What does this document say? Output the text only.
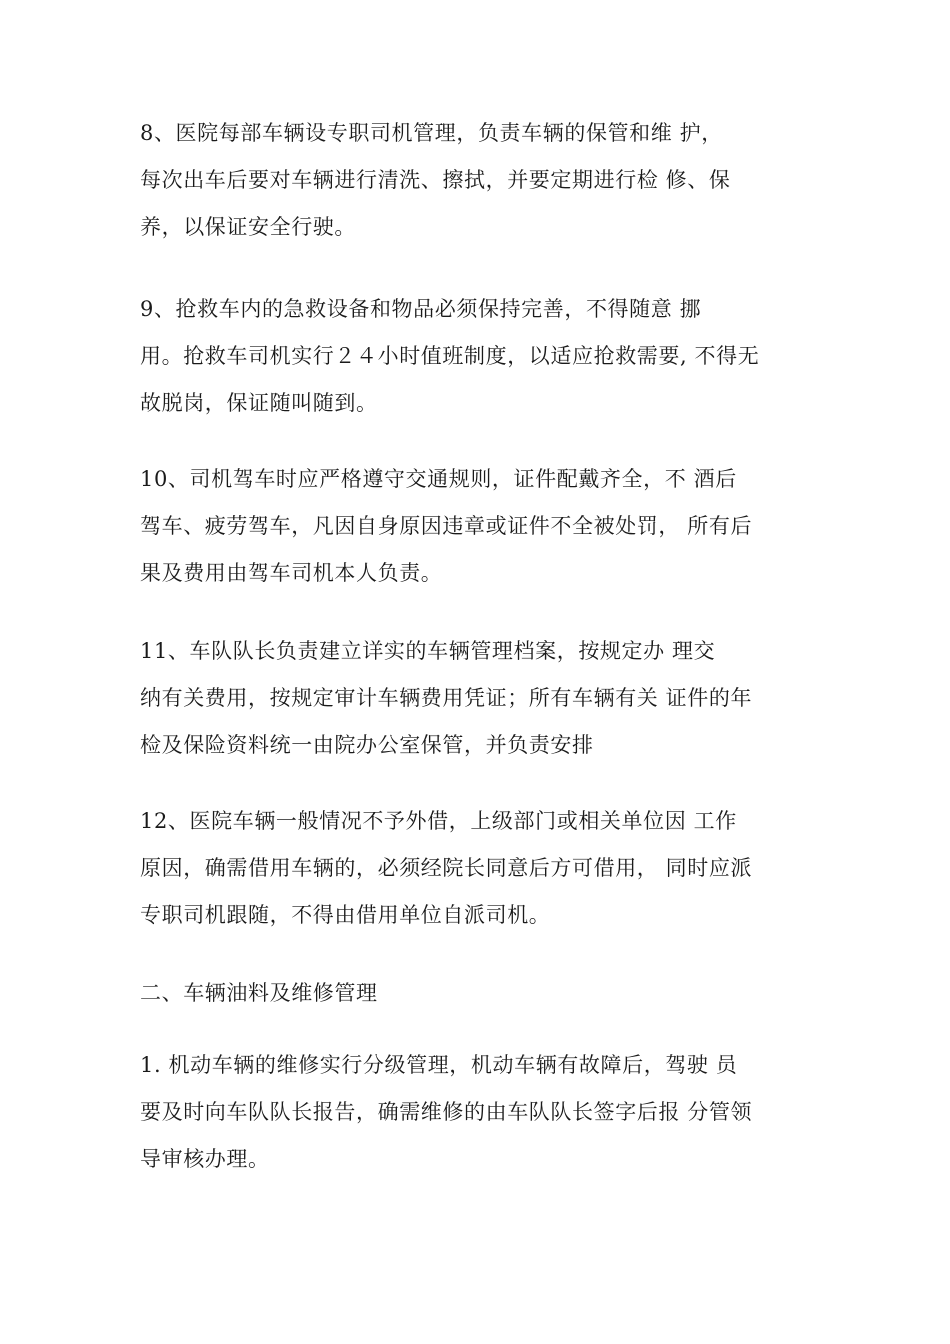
8、医院每部车辆设专职司机管理，负责车辆的保管和维 护，
每次出车后要对车辆进行清洗、擦拭，并要定期进行检 修、保
养，以保证安全行驶。
9、抢救车内的急救设备和物品必须保持完善，不得随意 挪
用。抢救车司机实行２４小时值班制度，以适应抢救需要, 不得无
故脱岗，保证随叫随到。
10、司机驾车时应严格遵守交通规则，证件配戴齐全，不 酒后
驾车、疲劳驾车，凡因自身原因违章或证件不全被处罚， 所有后
果及费用由驾车司机本人负责。
11、车队队长负责建立详实的车辆管理档案，按规定办 理交
纳有关费用，按规定审计车辆费用凭证；所有车辆有关 证件的年
检及保险资料统一由院办公室保管，并负责安排
12、医院车辆一般情况不予外借，上级部门或相关单位因 工作
原因，确需借用车辆的，必须经院长同意后方可借用， 同时应派
专职司机跟随，不得由借用单位自派司机。
二、车辆油料及维修管理
1. 机动车辆的维修实行分级管理，机动车辆有故障后，驾驶 员
要及时向车队队长报告，确需维修的由车队队长签字后报 分管领
导审核办理。
